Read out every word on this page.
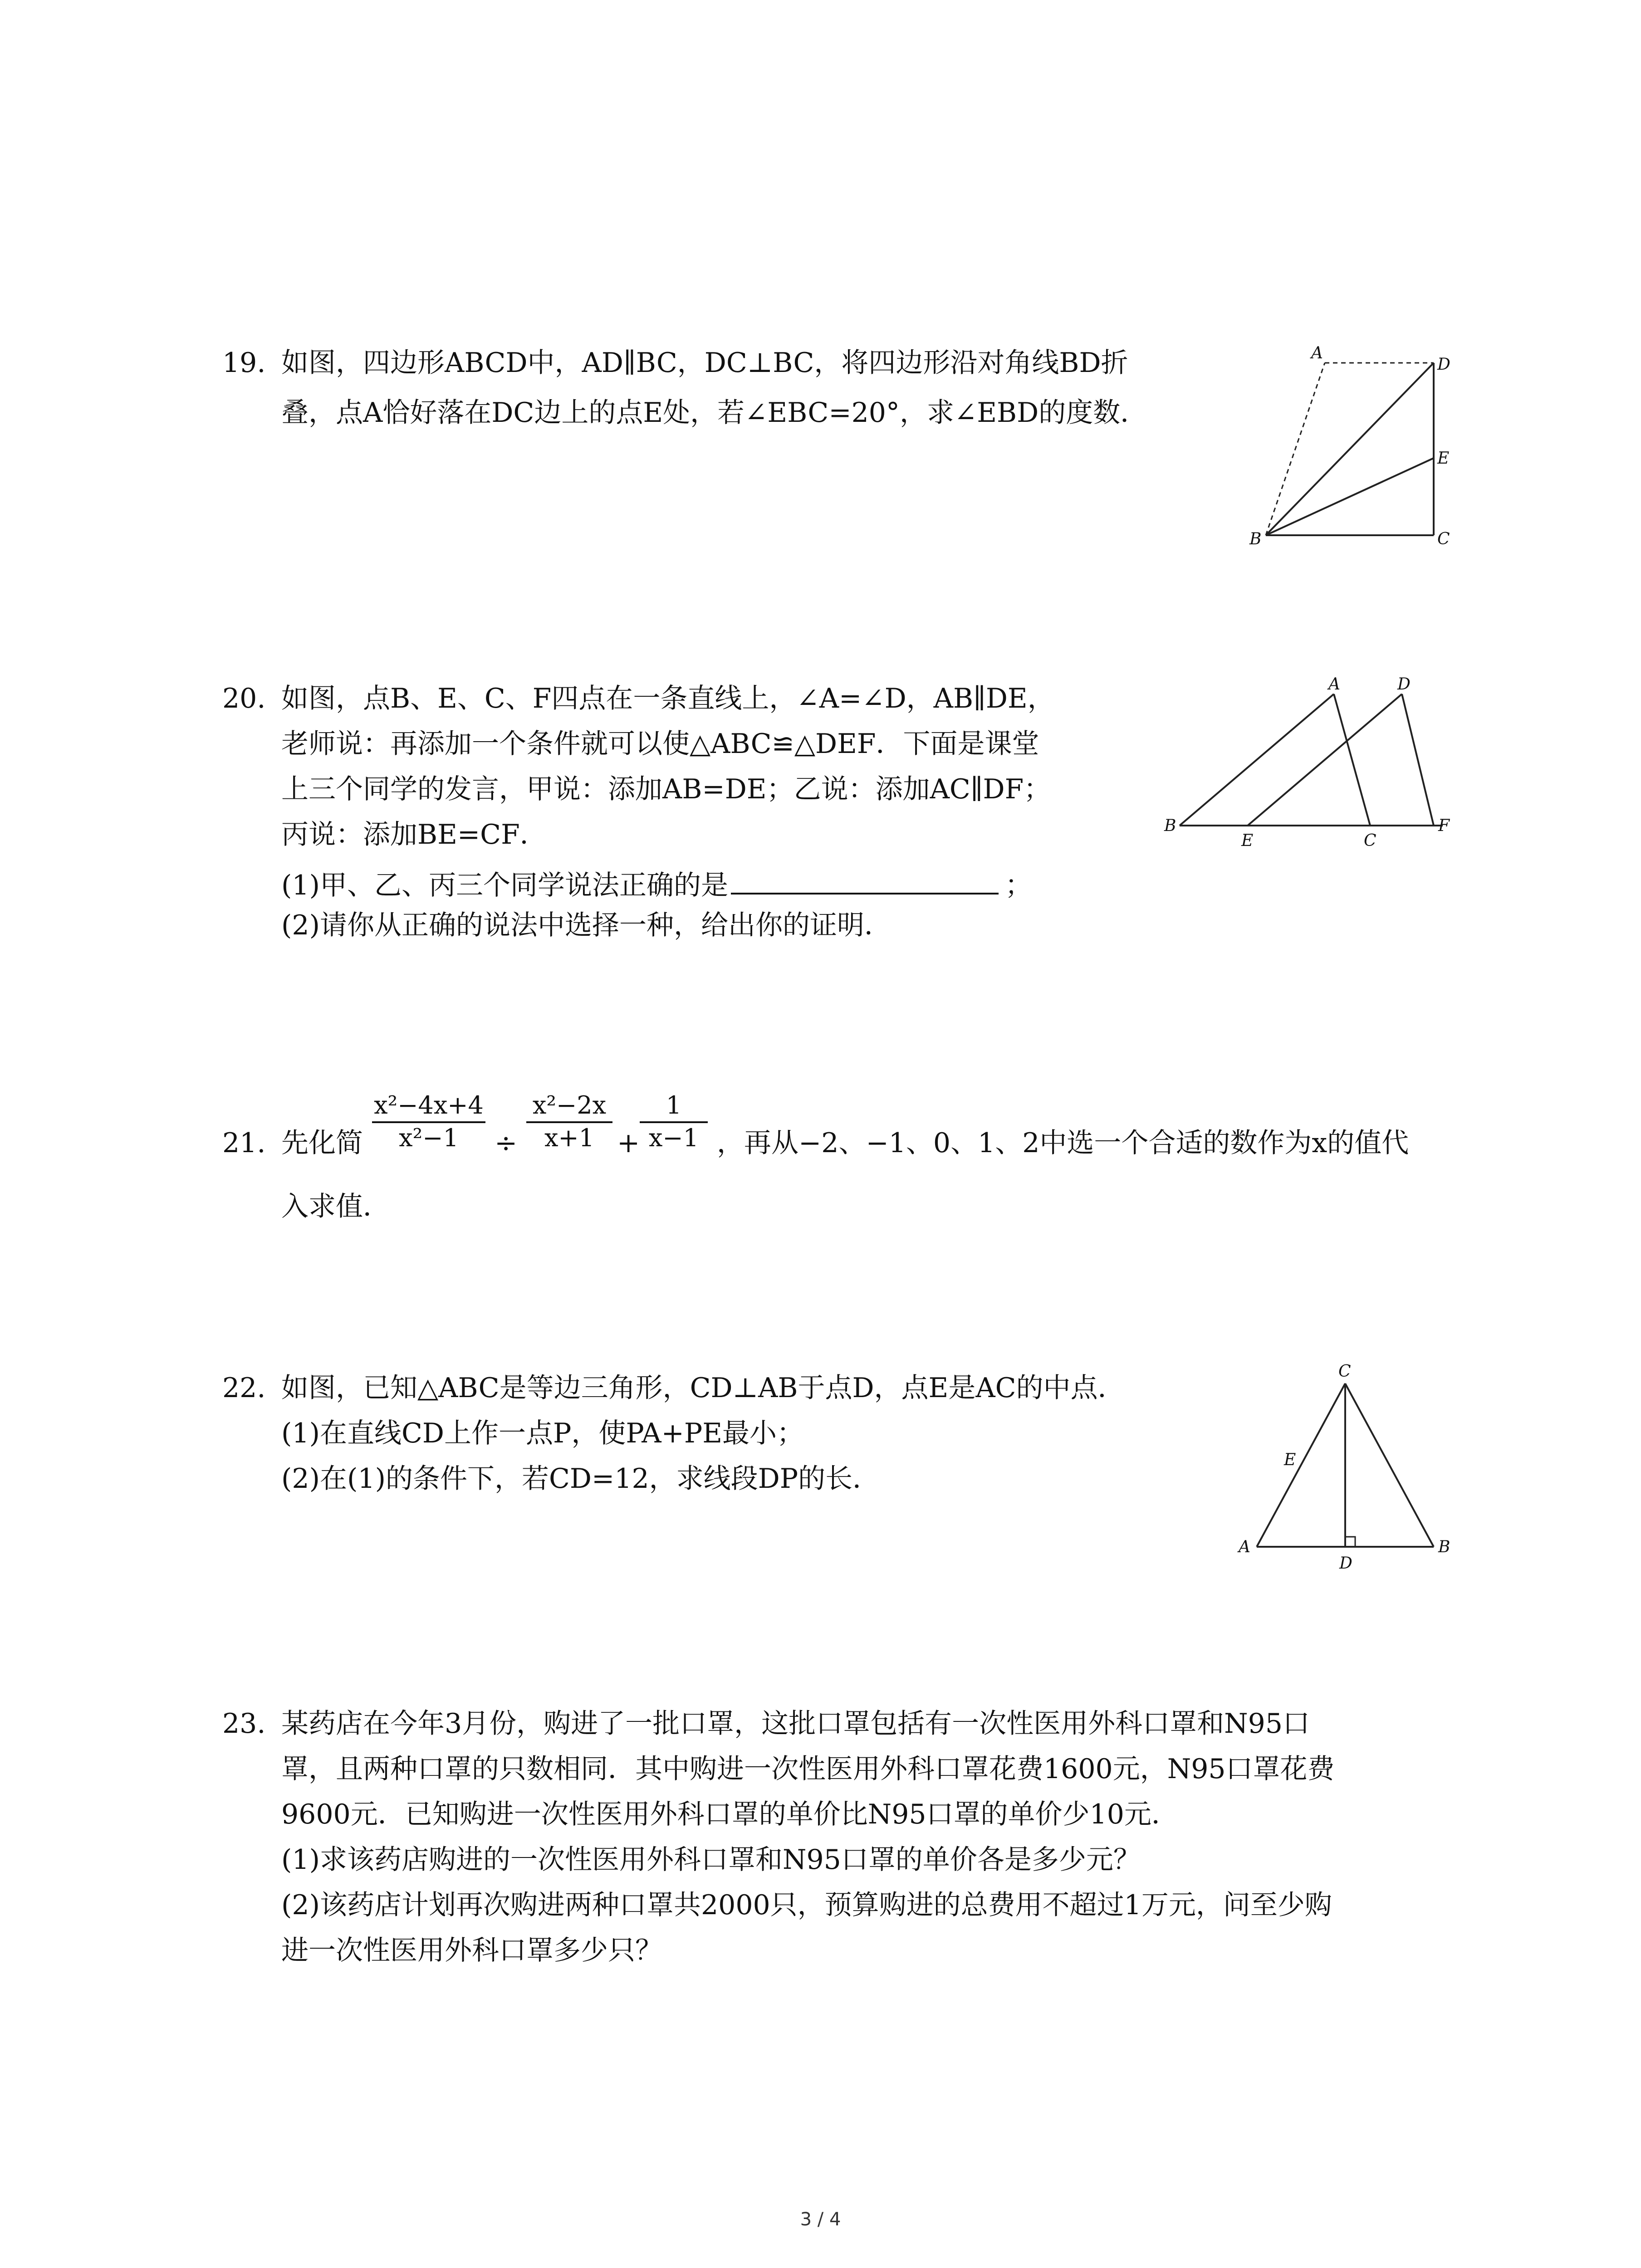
19. 如图，四边形ABCD中，AD∥BC，DC⊥BC，将四边形沿对角线BD折
叠，点A恰好落在DC边上的点E处，若∠EBC=20°，求∠EBD的度数．
A
D
E
B	C
20. 如图，点B、E、C、F四点在一条直线上，∠A=∠D，AB∥DE，
老师说：再添加一个条件就可以使△ABC≌△DEF．下面是课堂
上三个同学的发言，甲说：添加AB=DE；乙说：添加AC∥DF；
丙说：添加BE=CF．
(1)甲、乙、丙三个同学说法正确的是	；
(2)请你从正确的说法中选择一种，给出你的证明．
A	D
B
E	C
F
21. 先化简
x²−4x+4
x²−1	÷
x²−2x
x+1 +
1
x−1 ，再从−2、−1、0、1、2中选一个合适的数作为x的值代
入求值．
22. 如图，已知△ABC是等边三角形，CD⊥AB于点D，点E是AC的中点．
(1)在直线CD上作一点P，使PA+PE最小；
(2)在(1)的条件下，若CD=12，求线段DP的长．
C
E
A
D
B
23. 某药店在今年3月份，购进了一批口罩，这批口罩包括有一次性医用外科口罩和N95口
罩，且两种口罩的只数相同．其中购进一次性医用外科口罩花费1600元，N95口罩花费
9600元．已知购进一次性医用外科口罩的单价比N95口罩的单价少10元．
(1)求该药店购进的一次性医用外科口罩和N95口罩的单价各是多少元？
(2)该药店计划再次购进两种口罩共2000只，预算购进的总费用不超过1万元，问至少购
进一次性医用外科口罩多少只？
3 / 4
